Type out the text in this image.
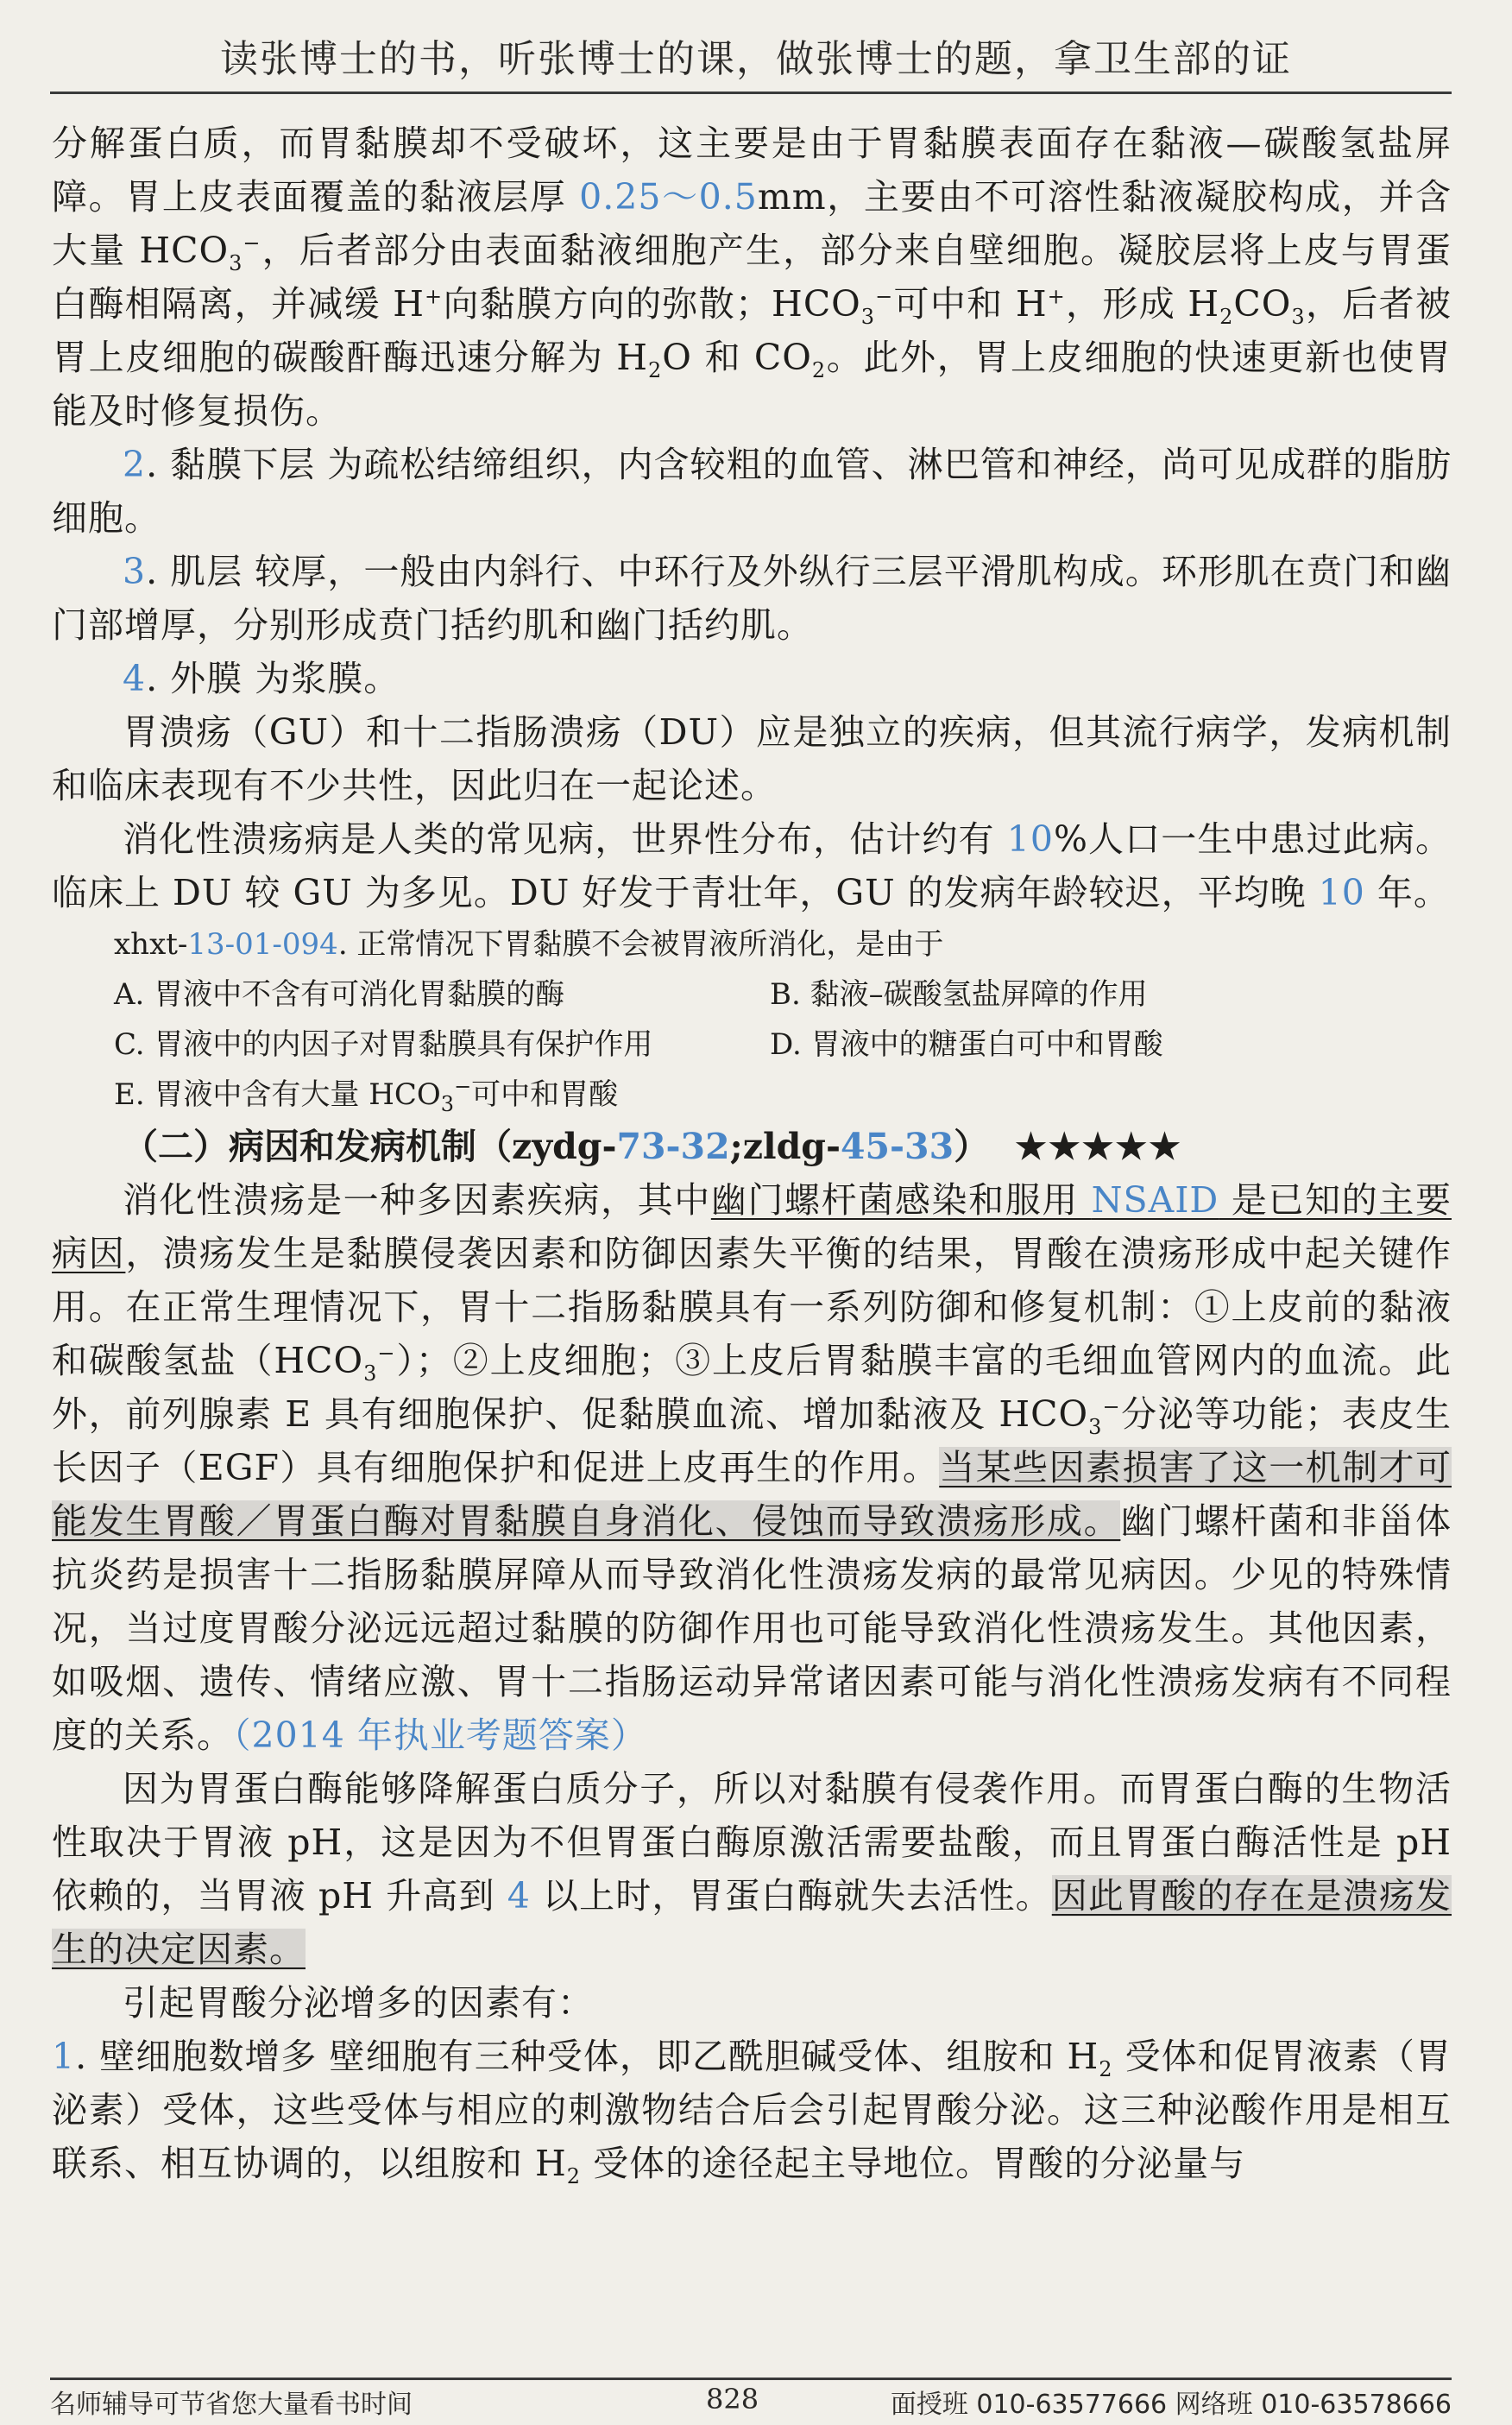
读张博士的书，听张博士的课，做张博士的题，拿卫生部的证

分解蛋白质，而胃黏膜却不受破坏，这主要是由于胃黏膜表面存在黏液—碳酸氢盐屏障。胃上皮表面覆盖的黏液层厚 0.25～0.5mm，主要由不可溶性黏液凝胶构成，并含大量 $HCO_3^-$，后者部分由表面黏液细胞产生，部分来自壁细胞。凝胶层将上皮与胃蛋白酶相隔离，并减缓 H+向黏膜方向的弥散；$HCO_3^-$可中和 H+，形成 $H_2CO_3$，后者被胃上皮细胞的碳酸酐酶迅速分解为 $H_2O$ 和 $CO_2$。此外，胃上皮细胞的快速更新也使胃能及时修复损伤。

2. 黏膜下层 为疏松结缔组织，内含较粗的血管、淋巴管和神经，尚可见成群的脂肪细胞。

3. 肌层 较厚，一般由内斜行、中环行及外纵行三层平滑肌构成。环形肌在贲门和幽门部增厚，分别形成贲门括约肌和幽门括约肌。

4. 外膜 为浆膜。

胃溃疡（GU）和十二指肠溃疡（DU）应是独立的疾病，但其流行病学，发病机制和临床表现有不少共性，因此归在一起论述。

消化性溃疡病是人类的常见病，世界性分布，估计约有 10%人口一生中患过此病。临床上 DU 较 GU 为多见。DU 好发于青壮年，GU 的发病年龄较迟，平均晚 10 年。

xhxt-13-01-094. 正常情况下胃黏膜不会被胃液所消化，是由于
A. 胃液中不含有可消化胃黏膜的酶	B. 黏液–碳酸氢盐屏障的作用
C. 胃液中的内因子对胃黏膜具有保护作用	D. 胃液中的糖蛋白可中和胃酸
E. 胃液中含有大量 $HCO_3^-$可中和胃酸
（二）病因和发病机制（zydg-73-32;zldg-45-33） ★★★★★

消化性溃疡是一种多因素疾病，其中幽门螺杆菌感染和服用 NSAID 是已知的主要病因，溃疡发生是黏膜侵袭因素和防御因素失平衡的结果，胃酸在溃疡形成中起关键作用。在正常生理情况下，胃十二指肠黏膜具有一系列防御和修复机制：①上皮前的黏液和碳酸氢盐$(HCO_3^-)$；②上皮细胞；③上皮后胃黏膜丰富的毛细血管网内的血流。此外，前列腺素 E 具有细胞保护、促黏膜血流、增加黏液及 $HCO_3^-$分泌等功能；表皮生长因子（EGF）具有细胞保护和促进上皮再生的作用。当某些因素损害了这一机制才可能发生胃酸／胃蛋白酶对胃黏膜自身消化、侵蚀而导致溃疡形成。幽门螺杆菌和非甾体抗炎药是损害十二指肠黏膜屏障从而导致消化性溃疡发病的最常见病因。少见的特殊情况，当过度胃酸分泌远远超过黏膜的防御作用也可能导致消化性溃疡发生。其他因素，如吸烟、遗传、情绪应激、胃十二指肠运动异常诸因素可能与消化性溃疡发病有不同程度的关系。（2014 年执业考题答案）

因为胃蛋白酶能够降解蛋白质分子，所以对黏膜有侵袭作用。而胃蛋白酶的生物活性取决于胃液 pH，这是因为不但胃蛋白酶原激活需要盐酸，而且胃蛋白酶活性是 pH 依赖的，当胃液 pH 升高到 4 以上时，胃蛋白酶就失去活性。因此胃酸的存在是溃疡发生的决定因素。

引起胃酸分泌增多的因素有：

1. 壁细胞数增多 壁细胞有三种受体，即乙酰胆碱受体、组胺和 $H_2$ 受体和促胃液素（胃泌素）受体，这些受体与相应的刺激物结合后会引起胃酸分泌。这三种泌酸作用是相互联系、相互协调的，以组胺和 $H_2$ 受体的途径起主导地位。胃酸的分泌量与

名师辅导可节省您大量看书时间	828	面授班 010-63577666 网络班 010-63578666
